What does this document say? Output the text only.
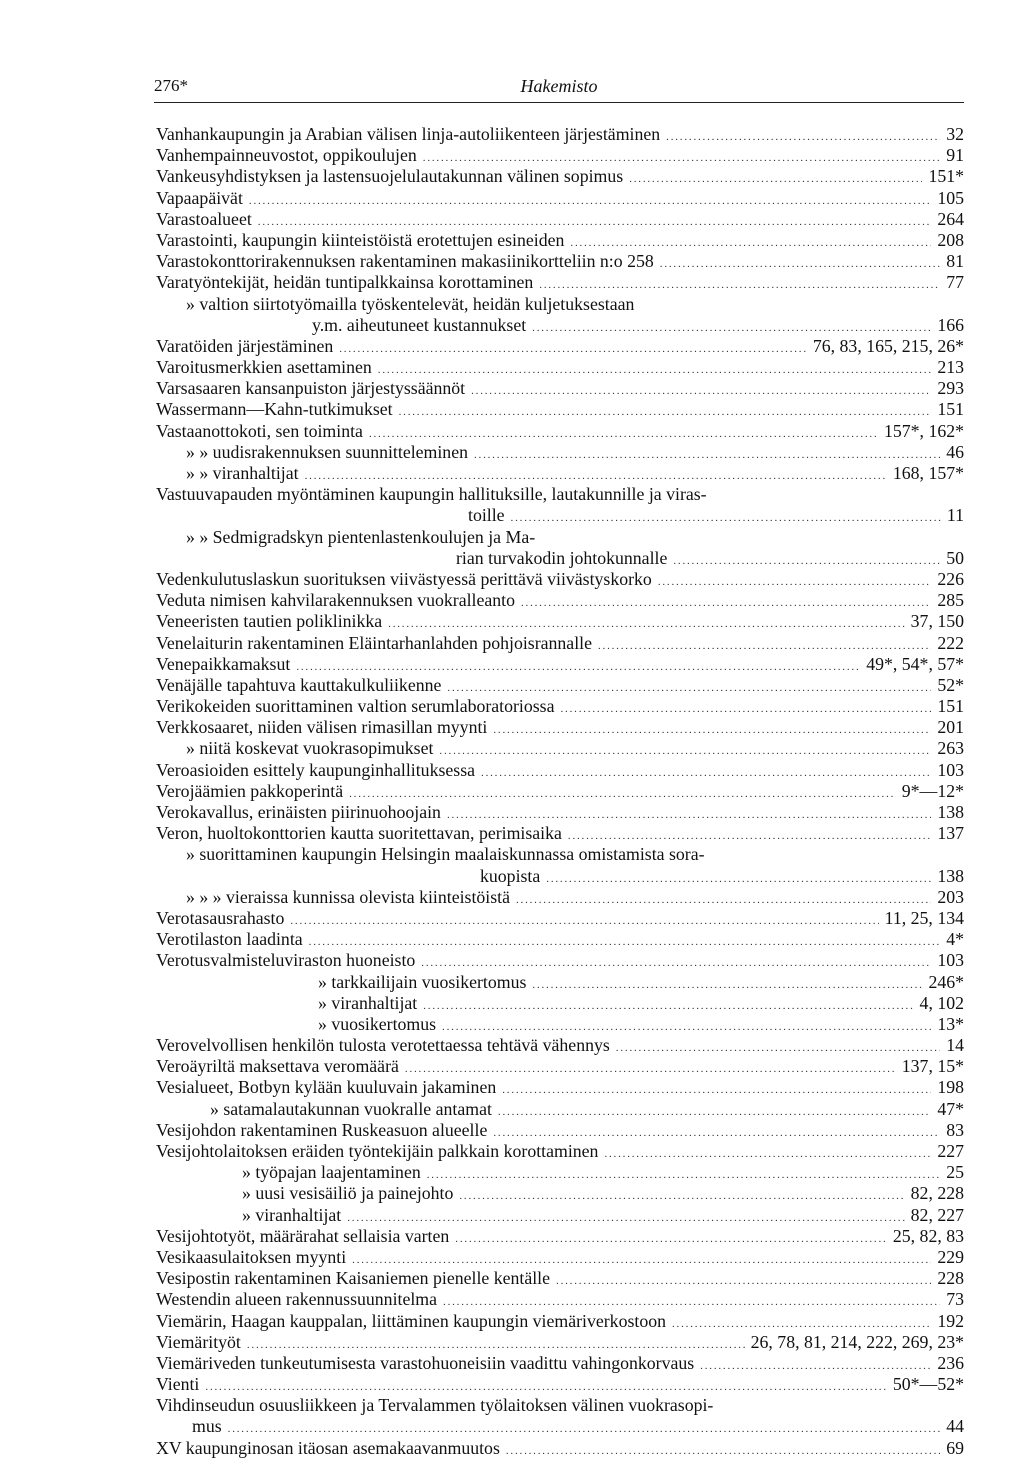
276*	Hakemisto
Vanhankaupungin ja Arabian välisen linja-autoliikenteen järjestäminen .....	32
Vanhempainneuvostot, oppikoulujen .....	91
Vankeusyhdistyksen ja lastensuojelulautakunnan välinen sopimus .....	151*
Vapaapäivät .....	105
Varastoalueet .....	264
Varastointi, kaupungin kiinteistöistä erotettujen esineiden .....	208
Varastokonttorirakennuksen rakentaminen makasiinikortteliin n:o 258 .....	81
Varatyöntekijät, heidän tuntipalkkainsa korottaminen .....	77
» valtion siirtotyömailla työskentelevät, heidän kuljetuksestaan
y.m. aiheutuneet kustannukset .....	166
Varatöiden järjestäminen .....	76, 83, 165, 215, 26*
Varoitusmerkkien asettaminen .....	213
Varsasaaren kansanpuiston järjestyssäännöt .....	293
Wassermann—Kahn-tutkimukset .....	151
Vastaanottokoti, sen toiminta .....	157*, 162*
» » uudisrakennuksen suunnitteleminen .....	46
» » viranhaltijat .....	168, 157*
Vastuuvapauden myöntäminen kaupungin hallituksille, lautakunnille ja viras-
toille .....	11
» » Sedmigradskyn pientenlastenkoulujen ja Ma-
rian turvakodin johtokunnalle .....	50
Vedenkulutuslaskun suorituksen viivästyessä perittävä viivästyskorko .....	226
Veduta nimisen kahvilarakennuksen vuokralleanto .....	285
Veneeristen tautien poliklinikka .....	37, 150
Venelaiturin rakentaminen Eläintarhanlahden pohjoisrannalle .....	222
Venepaikkamaksut .....	49*, 54*, 57*
Venäjälle tapahtuva kauttakulkuliikenne .....	52*
Verikokeiden suorittaminen valtion serumlaboratoriossa .....	151
Verkkosaaret, niiden välisen rimasillan myynti .....	201
» niitä koskevat vuokrasopimukset .....	263
Veroasioiden esittely kaupunginhallituksessa .....	103
Verojäämien pakkoperintä .....	9*—12*
Verokavallus, erinäisten piirinuohoojain .....	138
Veron, huoltokonttorien kautta suoritettavan, perimisaika .....	137
» suorittaminen kaupungin Helsingin maalaiskunnassa omistamista sora-
kuopista .....	138
» » » vieraissa kunnissa olevista kiinteistöistä .....	203
Verotasausrahasto .....	11, 25, 134
Verotilaston laadinta .....	4*
Verotusvalmisteluviraston huoneisto .....	103
» tarkkailijain vuosikertomus .....	246*
» viranhaltijat .....	4, 102
» vuosikertomus .....	13*
Verovelvollisen henkilön tulosta verotettaessa tehtävä vähennys .....	14
Veroäyriltä maksettava veromäärä .....	137, 15*
Vesialueet, Botbyn kylään kuuluvain jakaminen .....	198
» satamalautakunnan vuokralle antamat .....	47*
Vesijohdon rakentaminen Ruskeasuon alueelle .....	83
Vesijohtolaitoksen eräiden työntekijäin palkkain korottaminen .....	227
» työpajan laajentaminen .....	25
» uusi vesisäiliö ja painejohto .....	82, 228
» viranhaltijat .....	82, 227
Vesijohtotyöt, määrärahat sellaisia varten .....	25, 82, 83
Vesikaasulaitoksen myynti .....	229
Vesipostin rakentaminen Kaisaniemen pienelle kentälle .....	228
Westendin alueen rakennussuunnitelma .....	73
Viemärin, Haagan kauppalan, liittäminen kaupungin viemäriverkostoon .....	192
Viemärityöt .....	26, 78, 81, 214, 222, 269, 23*
Viemäriveden tunkeutumisesta varastohuoneisiin vaadittu vahingonkorvaus .....	236
Vienti .....	50*—52*
Vihdinseudun osuusliikkeen ja Tervalammen työlaitoksen välinen vuokrasopi-
mus .....	44
XV kaupunginosan itäosan asemakaavanmuutos .....	69
